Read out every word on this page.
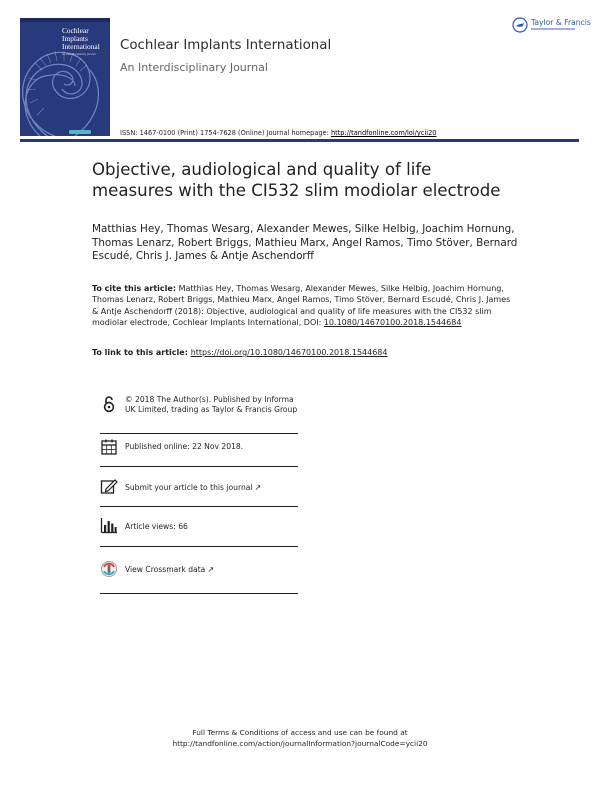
Cochlear Implants International
An Interdisciplinary Journal
Cochlear Implants International
An Interdisciplinary Journal
Taylor & Francis
ISSN: 1467-0100 (Print) 1754-7628 (Online) Journal homepage: http://tandfonline.com/loi/ycii20
Objective, audiological and quality of life measures with the CI532 slim modiolar electrode
Matthias Hey, Thomas Wesarg, Alexander Mewes, Silke Helbig, Joachim Hornung, Thomas Lenarz, Robert Briggs, Mathieu Marx, Angel Ramos, Timo Stöver, Bernard Escudé, Chris J. James & Antje Aschendorff
To cite this article: Matthias Hey, Thomas Wesarg, Alexander Mewes, Silke Helbig, Joachim Hornung, Thomas Lenarz, Robert Briggs, Mathieu Marx, Angel Ramos, Timo Stöver, Bernard Escudé, Chris J. James & Antje Aschendorff (2018): Objective, audiological and quality of life measures with the CI532 slim modiolar electrode, Cochlear Implants International, DOI: 10.1080/14670100.2018.1544684
To link to this article: https://doi.org/10.1080/14670100.2018.1544684
© 2018 The Author(s). Published by Informa UK Limited, trading as Taylor & Francis Group
Published online: 22 Nov 2018.
Submit your article to this journal ↗
Article views: 66
View Crossmark data ↗
Full Terms & Conditions of access and use can be found at
http://tandfonline.com/action/journalInformation?journalCode=ycii20
